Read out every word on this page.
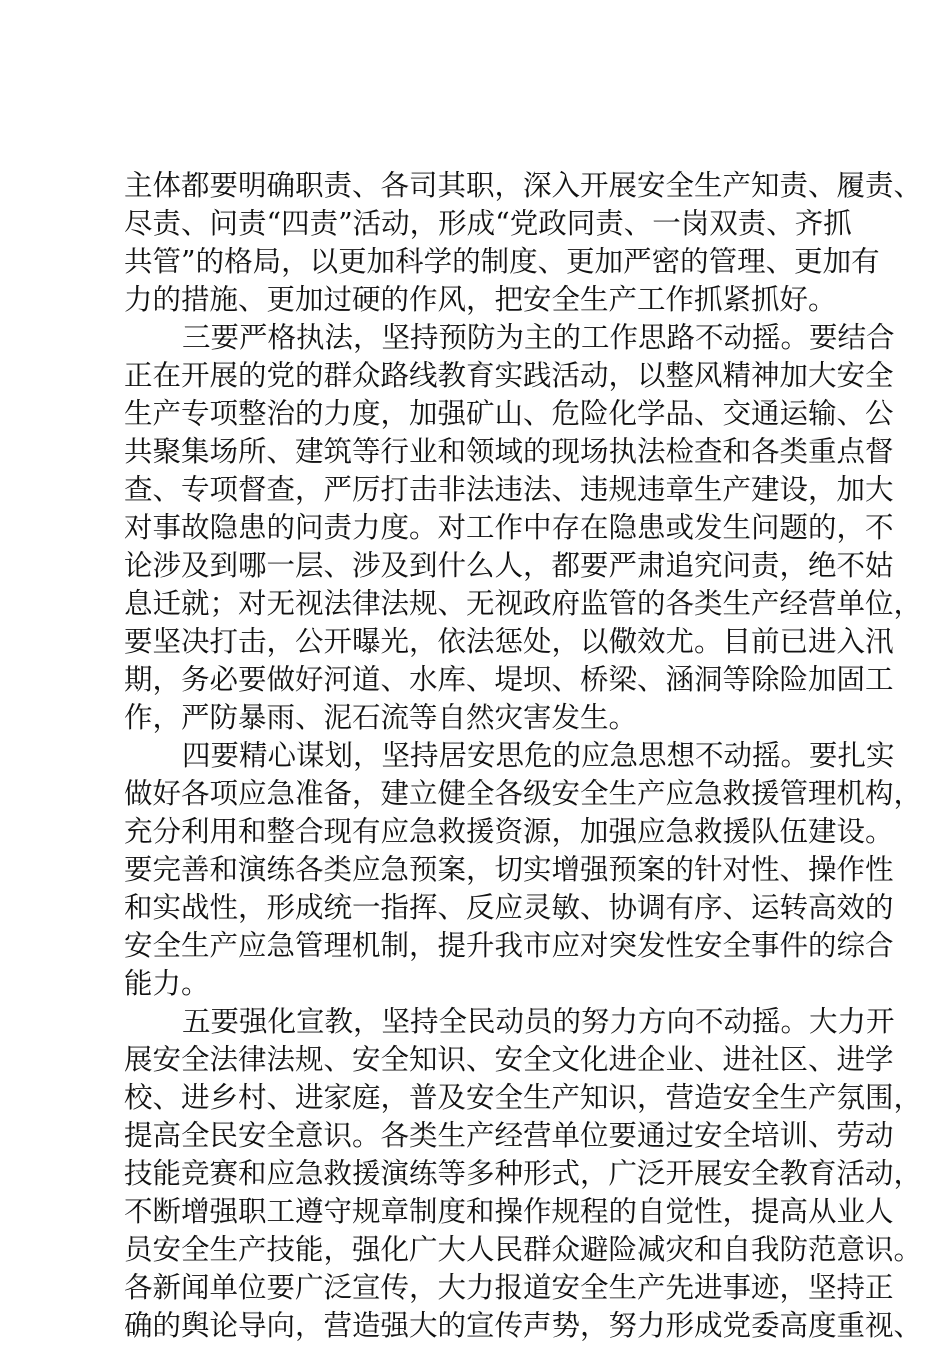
主体都要明确职责、各司其职，深入开展安全生产知责、履责、

尽责、问责“四责”活动，形成“党政同责、一岗双责、齐抓

共管”的格局，以更加科学的制度、更加严密的管理、更加有

力的措施、更加过硬的作风，把安全生产工作抓紧抓好。

三要严格执法，坚持预防为主的工作思路不动摇。要结合

正在开展的党的群众路线教育实践活动，以整风精神加大安全

生产专项整治的力度，加强矿山、危险化学品、交通运输、公

共聚集场所、建筑等行业和领域的现场执法检查和各类重点督

查、专项督查，严厉打击非法违法、违规违章生产建设，加大

对事故隐患的问责力度。对工作中存在隐患或发生问题的，不

论涉及到哪一层、涉及到什么人，都要严肃追究问责，绝不姑

息迁就；对无视法律法规、无视政府监管的各类生产经营单位，

要坚决打击，公开曝光，依法惩处，以儆效尤。目前已进入汛

期，务必要做好河道、水库、堤坝、桥梁、涵洞等除险加固工

作，严防暴雨、泥石流等自然灾害发生。

四要精心谋划，坚持居安思危的应急思想不动摇。要扎实

做好各项应急准备，建立健全各级安全生产应急救援管理机构，

充分利用和整合现有应急救援资源，加强应急救援队伍建设。

要完善和演练各类应急预案，切实增强预案的针对性、操作性

和实战性，形成统一指挥、反应灵敏、协调有序、运转高效的

安全生产应急管理机制，提升我市应对突发性安全事件的综合

能力。

五要强化宣教，坚持全民动员的努力方向不动摇。大力开

展安全法律法规、安全知识、安全文化进企业、进社区、进学

校、进乡村、进家庭，普及安全生产知识，营造安全生产氛围，

提高全民安全意识。各类生产经营单位要通过安全培训、劳动

技能竞赛和应急救援演练等多种形式，广泛开展安全教育活动，

不断增强职工遵守规章制度和操作规程的自觉性，提高从业人

员安全生产技能，强化广大人民群众避险减灾和自我防范意识。

各新闻单位要广泛宣传，大力报道安全生产先进事迹，坚持正

确的舆论导向，营造强大的宣传声势，努力形成党委高度重视、
